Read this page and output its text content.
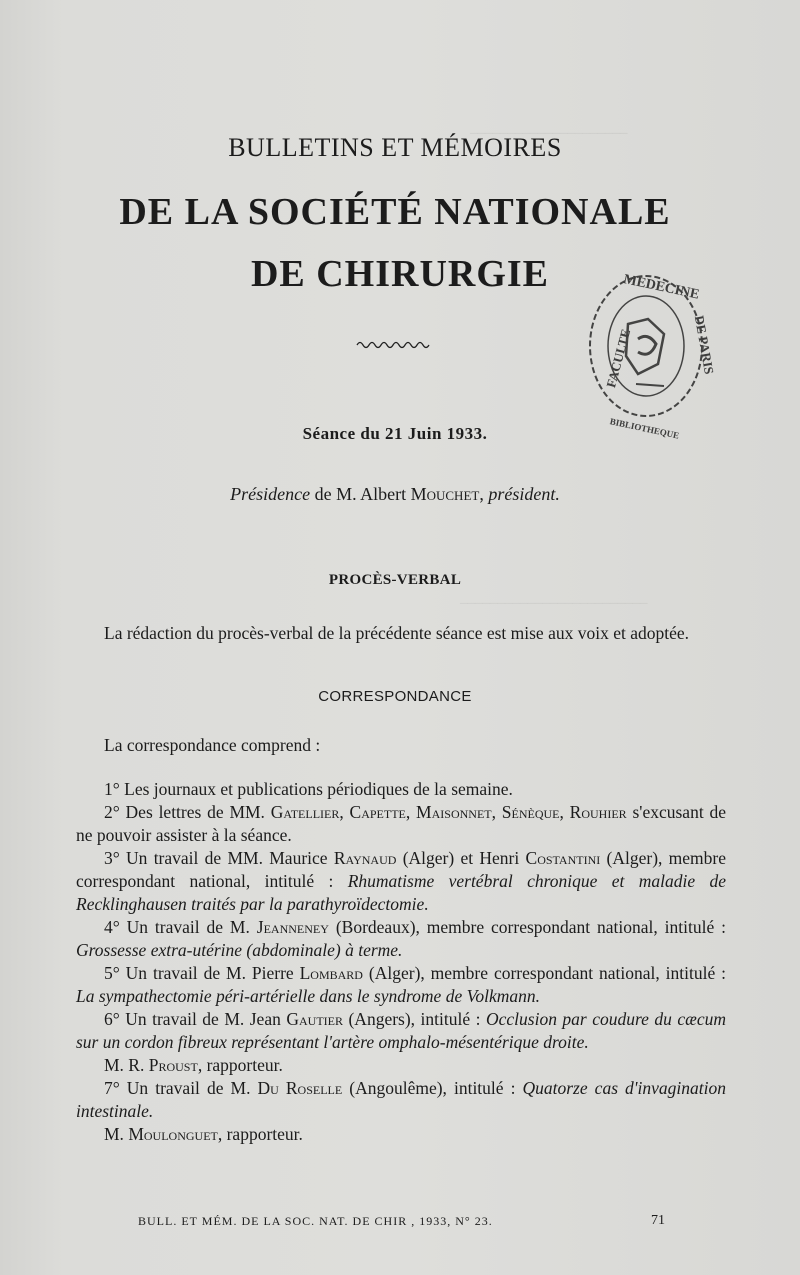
BULLETINS ET MÉMOIRES
DE LA SOCIÉTÉ NATIONALE
DE CHIRURGIE	MEDECINE
FACULTE	DE PARIS
BIBLIOTHEQUE
_____________________
_________________________
Séance du 21 Juin 1933.
Présidence de M. Albert Mouchet, président.
PROCÈS-VERBAL

La rédaction du procès-verbal de la précédente séance est mise aux voix et adoptée.

CORRESPONDANCE

La correspondance comprend :

1° Les journaux et publications périodiques de la semaine.

2° Des lettres de MM. Gatellier, Capette, Maisonnet, Sénèque, Rouhier s'excusant de ne pouvoir assister à la séance.

3° Un travail de MM. Maurice Raynaud (Alger) et Henri Costantini (Alger), membre correspondant national, intitulé : Rhumatisme vertébral chronique et maladie de Recklinghausen traités par la parathyroïdectomie.

4° Un travail de M. Jeanneney (Bordeaux), membre correspondant national, intitulé : Grossesse extra-utérine (abdominale) à terme.

5° Un travail de M. Pierre Lombard (Alger), membre correspondant national, intitulé : La sympathectomie péri-artérielle dans le syndrome de Volkmann.

6° Un travail de M. Jean Gautier (Angers), intitulé : Occlusion par coudure du cæcum sur un cordon fibreux représentant l'artère omphalo-mésentérique droite.

M. R. Proust, rapporteur.

7° Un travail de M. Du Roselle (Angoulême), intitulé : Quatorze cas d'invagination intestinale.

M. Moulonguet, rapporteur.

BULL. ET MÉM. DE LA SOC. NAT. DE CHIR , 1933, N° 23.	71
